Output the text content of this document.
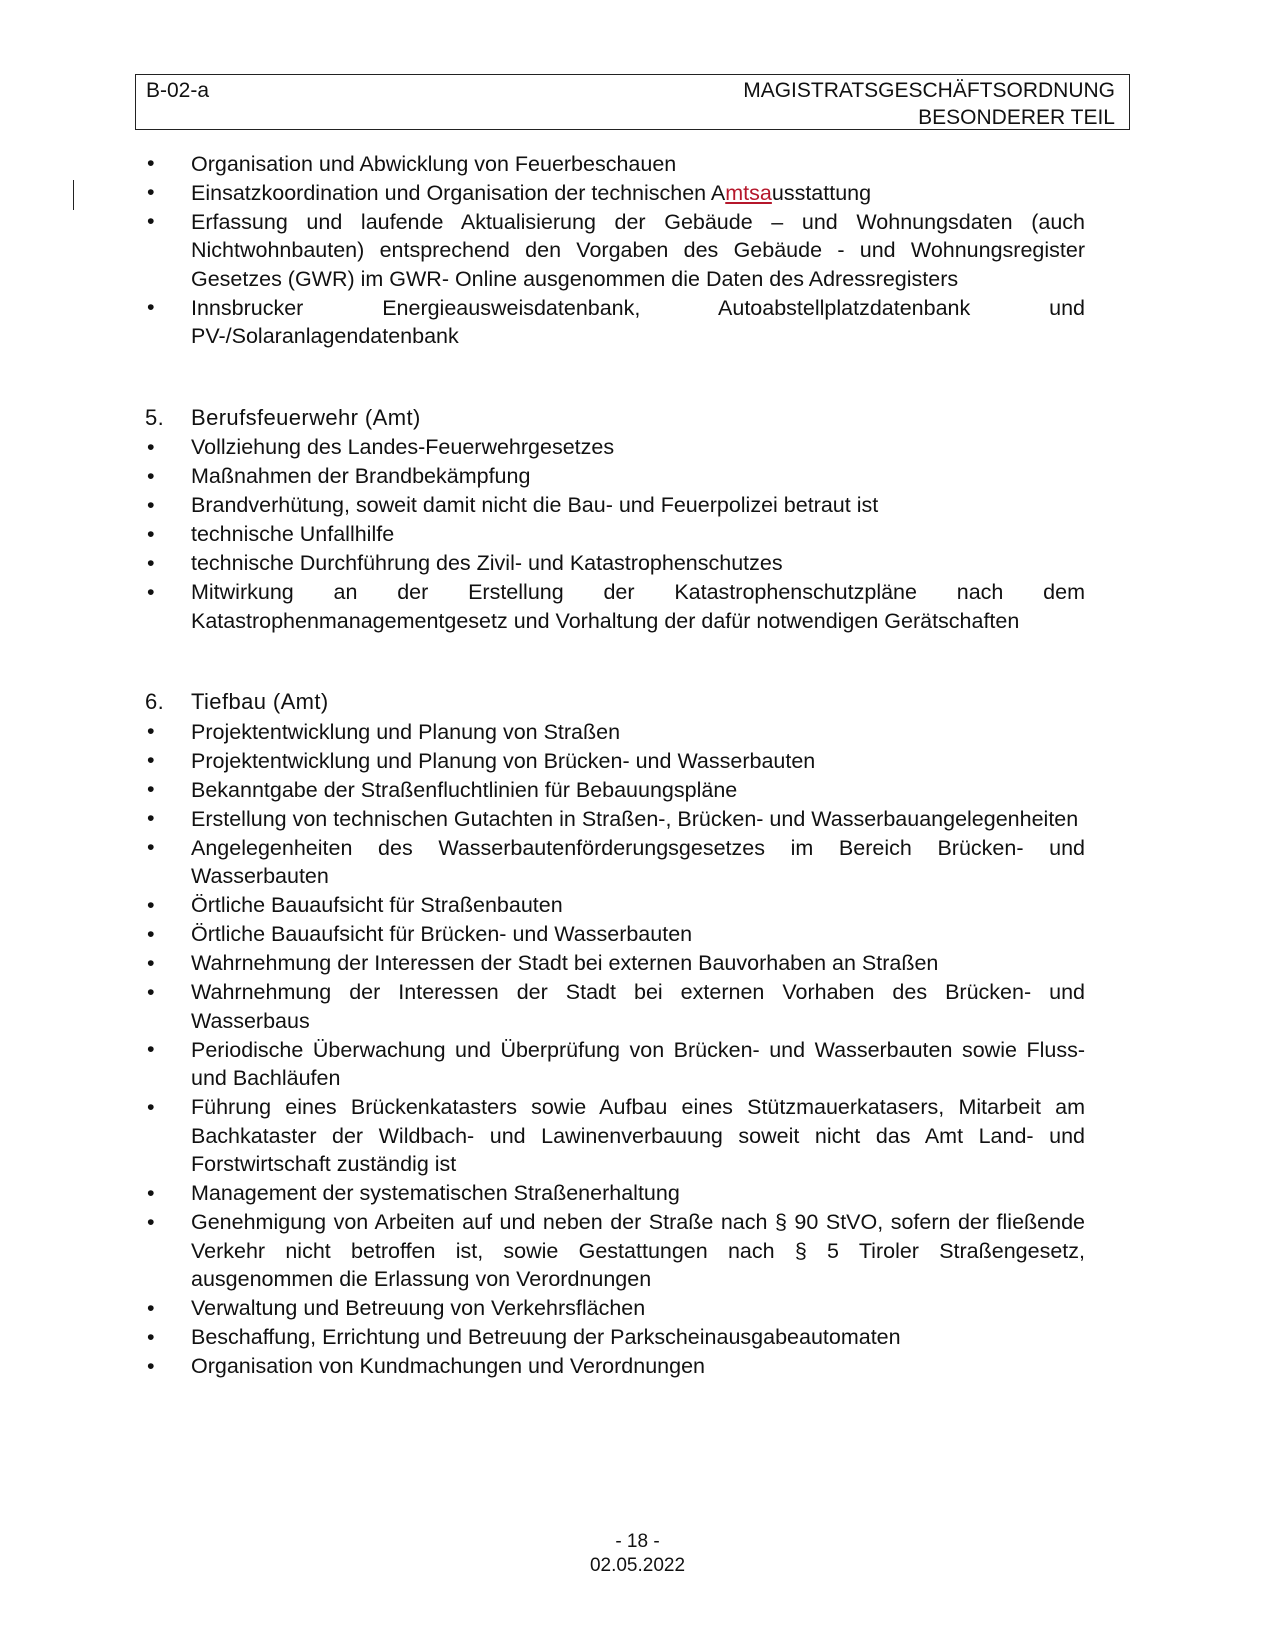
B-02-a	MAGISTRATSGESCHÄFTSORDNUNG
BESONDERER TEIL
• Organisation und Abwicklung von Feuerbeschauen
• Einsatzkoordination und Organisation der technischen Amtsausstattung
• Erfassung und laufende Aktualisierung der Gebäude – und Wohnungsdaten (auch Nichtwohnbauten) entsprechend den Vorgaben des Gebäude - und Wohnungsregister Gesetzes (GWR) im GWR- Online ausgenommen die Daten des Adressregisters
• Innsbrucker Energieausweisdatenbank, Autoabstellplatzdatenbank und PV-/Solaranlagendatenbank
5. Berufsfeuerwehr (Amt)
• Vollziehung des Landes-Feuerwehrgesetzes
• Maßnahmen der Brandbekämpfung
• Brandverhütung, soweit damit nicht die Bau- und Feuerpolizei betraut ist
• technische Unfallhilfe
• technische Durchführung des Zivil- und Katastrophenschutzes
• Mitwirkung an der Erstellung der Katastrophenschutzpläne nach dem Katastrophenmanagementgesetz und Vorhaltung der dafür notwendigen Gerätschaften
6. Tiefbau (Amt)
• Projektentwicklung und Planung von Straßen
• Projektentwicklung und Planung von Brücken- und Wasserbauten
• Bekanntgabe der Straßenfluchtlinien für Bebauungspläne
• Erstellung von technischen Gutachten in Straßen-, Brücken- und Wasserbauangelegenheiten
• Angelegenheiten des Wasserbautenförderungsgesetzes im Bereich Brücken- und Wasserbauten
• Örtliche Bauaufsicht für Straßenbauten
• Örtliche Bauaufsicht für Brücken- und Wasserbauten
• Wahrnehmung der Interessen der Stadt bei externen Bauvorhaben an Straßen
• Wahrnehmung der Interessen der Stadt bei externen Vorhaben des Brücken- und Wasserbaus
• Periodische Überwachung und Überprüfung von Brücken- und Wasserbauten sowie Fluss- und Bachläufen
• Führung eines Brückenkatasters sowie Aufbau eines Stützmauerkatasers, Mitarbeit am Bachkataster der Wildbach- und Lawinenverbauung soweit nicht das Amt Land- und Forstwirtschaft zuständig ist
• Management der systematischen Straßenerhaltung
• Genehmigung von Arbeiten auf und neben der Straße nach § 90 StVO, sofern der fließende Verkehr nicht betroffen ist, sowie Gestattungen nach § 5 Tiroler Straßengesetz, ausgenommen die Erlassung von Verordnungen
• Verwaltung und Betreuung von Verkehrsflächen
• Beschaffung, Errichtung und Betreuung der Parkscheinausgabeautomaten
• Organisation von Kundmachungen und Verordnungen
- 18 -
02.05.2022
